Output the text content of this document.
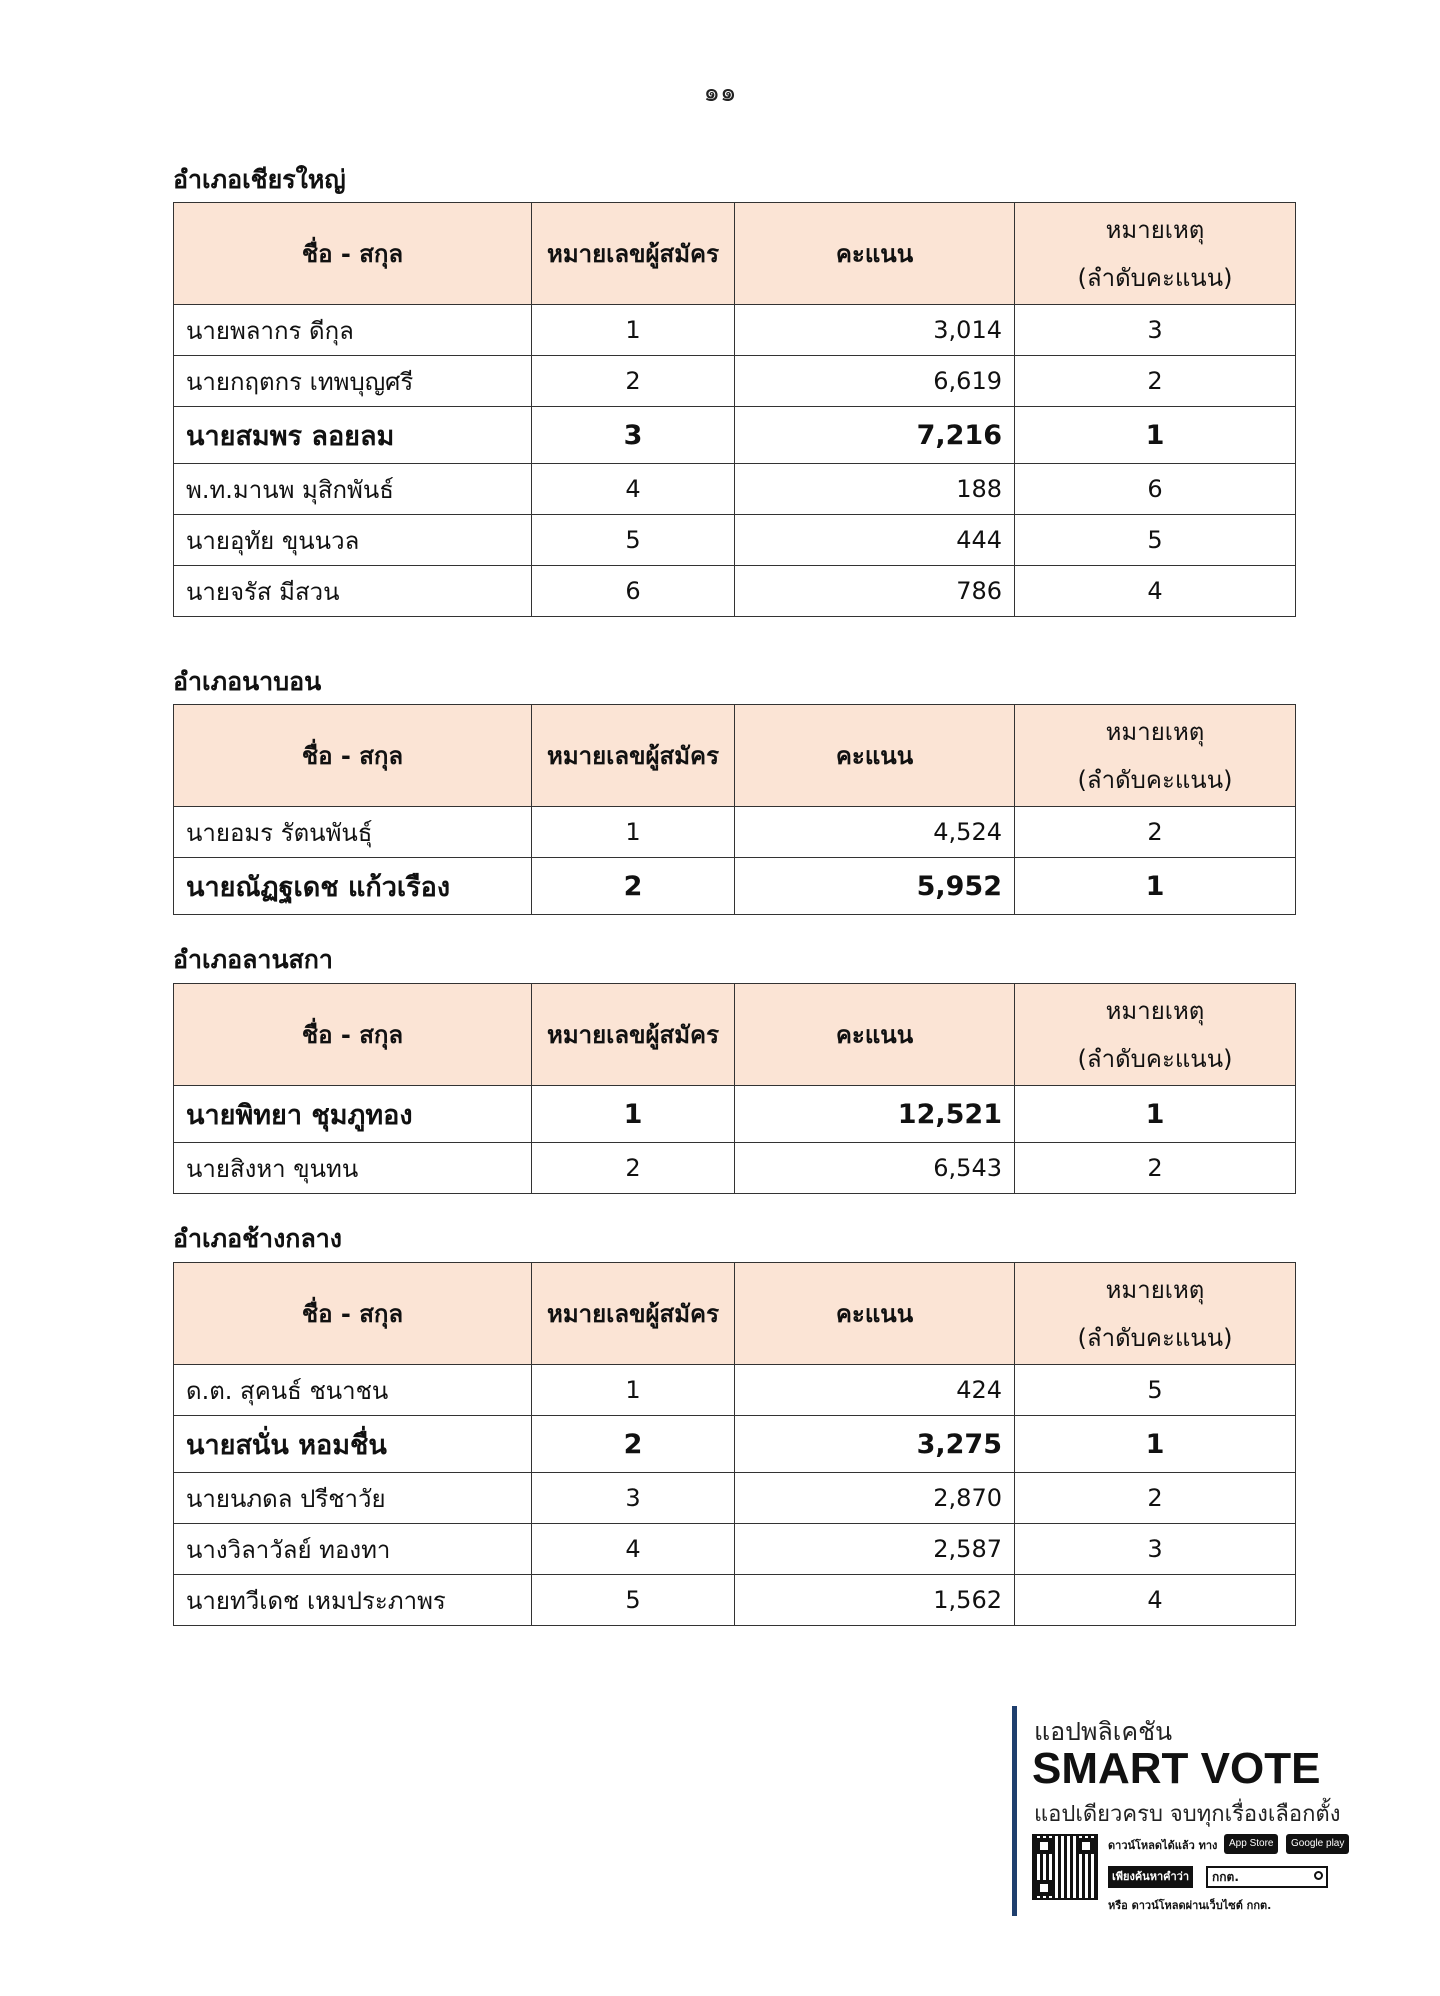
๑๑
อำเภอเชียรใหญ่
ชื่อ - สกุล	หมายเลขผู้สมัคร	คะแนน	หมายเหตุ
(ลำดับคะแนน)
นายพลากร ดีกุล	1	3,014	3
นายกฤตกร เทพบุญศรี	2	6,619	2
นายสมพร ลอยลม	3	7,216	1
พ.ท.มานพ มุสิกพันธ์	4	188	6
นายอุทัย ขุนนวล	5	444	5
นายจรัส มีสวน	6	786	4
อำเภอนาบอน
ชื่อ - สกุล	หมายเลขผู้สมัคร	คะแนน	หมายเหตุ
(ลำดับคะแนน)
นายอมร รัตนพันธุ์	1	4,524	2
นายณัฏฐเดช แก้วเรือง	2	5,952	1
อำเภอลานสกา
ชื่อ - สกุล	หมายเลขผู้สมัคร	คะแนน	หมายเหตุ
(ลำดับคะแนน)
นายพิทยา ชุมภูทอง	1	12,521	1
นายสิงหา ขุนทน	2	6,543	2
อำเภอช้างกลาง
ชื่อ - สกุล	หมายเลขผู้สมัคร	คะแนน	หมายเหตุ
(ลำดับคะแนน)
ด.ต. สุคนธ์ ชนาชน	1	424	5
นายสนั่น หอมชื่น	2	3,275	1
นายนภดล ปรีชาวัย	3	2,870	2
นางวิลาวัลย์ ทองทา	4	2,587	3
นายทวีเดช เหมประภาพร	5	1,562	4
แอปพลิเคชัน
SMART VOTE
แอปเดียวครบ จบทุกเรื่องเลือกตั้ง
ดาวน์โหลดได้แล้ว ทาง	App Store	Google play
เพียงค้นหาคำว่า	กกต.
หรือ ดาวน์โหลดผ่านเว็บไซต์ กกต.
